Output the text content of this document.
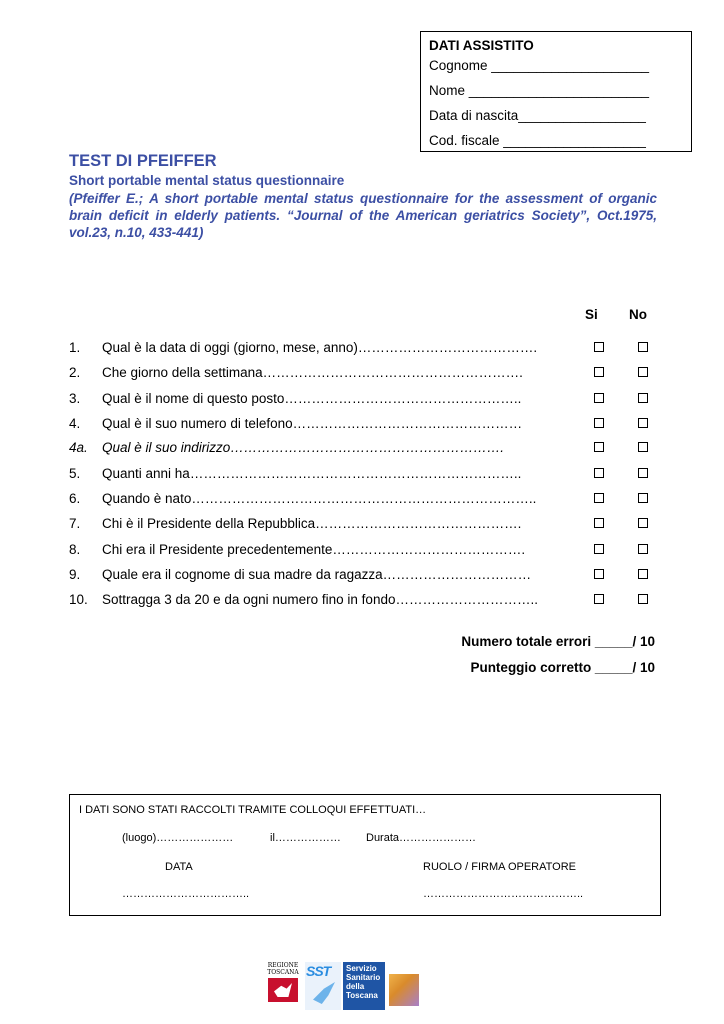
DATI ASSISTITO
Cognome _____________________
Nome ________________________
Data di nascita_________________
Cod. fiscale ___________________
TEST DI PFEIFFER
Short portable mental status questionnaire
(Pfeiffer E.; A short portable mental status questionnaire for the assessment of organic brain deficit in elderly patients. “Journal of the American geriatrics Society”, Oct.1975, vol.23, n.10, 433-441)
Si No
1. Qual è la data di oggi (giorno, mese, anno)………………………………….
2. Che giorno della settimana………………………………………………….
3. Qual è il nome di questo posto……………………………………………..
4. Qual è il suo numero di telefono……………………………………………
4a. Qual è il suo indirizzo…………………………………………………….
5. Quanti anni ha………………………………………………………………..
6. Quando è nato…………………………………………………………………..
7. Chi è il Presidente della Repubblica……………………………………….
8. Chi era il Presidente precedentemente…………………………………….
9. Quale era il cognome di sua madre da ragazza……………………………
10. Sottragga 3 da 20 e da ogni numero fino in fondo…………………………..
Numero totale errori _____/ 10
Punteggio corretto _____/ 10
I DATI SONO STATI RACCOLTI TRAMITE COLLOQUI EFFETTUATI…
(luogo)…………………	il……………… Durata…………………
DATA	RUOLO / FIRMA OPERATORE
……………………………..	……………………………………..
REGIONE TOSCANA SST Servizio
Sanitario
della
Toscana
